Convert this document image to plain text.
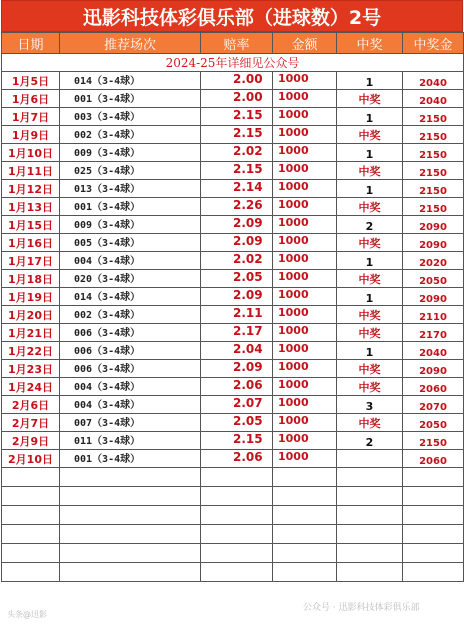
迅影科技体彩俱乐部（进球数）2号
日期	推荐场次	赔率	金额	中奖	中奖金
2024-25年详细见公众号					
1月5日	014（3-4球）	2.00	1000	1	2040
1月6日	001（3-4球）	2.00	1000	中奖	2040
1月7日	003（3-4球）	2.15	1000	1	2150
1月9日	002（3-4球）	2.15	1000	中奖	2150
1月10日	009（3-4球）	2.02	1000	1	2150
1月11日	025（3-4球）	2.15	1000	中奖	2150
1月12日	013（3-4球）	2.14	1000	1	2150
1月13日	001（3-4球）	2.26	1000	中奖	2150
1月15日	009（3-4球）	2.09	1000	2	2090
1月16日	005（3-4球）	2.09	1000	中奖	2090
1月17日	004（3-4球）	2.02	1000	1	2020
1月18日	020（3-4球）	2.05	1000	中奖	2050
1月19日	014（3-4球）	2.09	1000	1	2090
1月20日	002（3-4球）	2.11	1000	中奖	2110
1月21日	006（3-4球）	2.17	1000	中奖	2170
1月22日	006（3-4球）	2.04	1000	1	2040
1月23日	006（3-4球）	2.09	1000	中奖	2090
1月24日	004（3-4球）	2.06	1000	中奖	2060
2月6日	004（3-4球）	2.07	1000	3	2070
2月7日	007（3-4球）	2.05	1000	中奖	2050
2月9日	011（3-4球）	2.15	1000	2	2150
2月10日	001（3-4球）	2.06	1000		2060

头条@迅影
公众号 · 迅影科技体彩俱乐部
